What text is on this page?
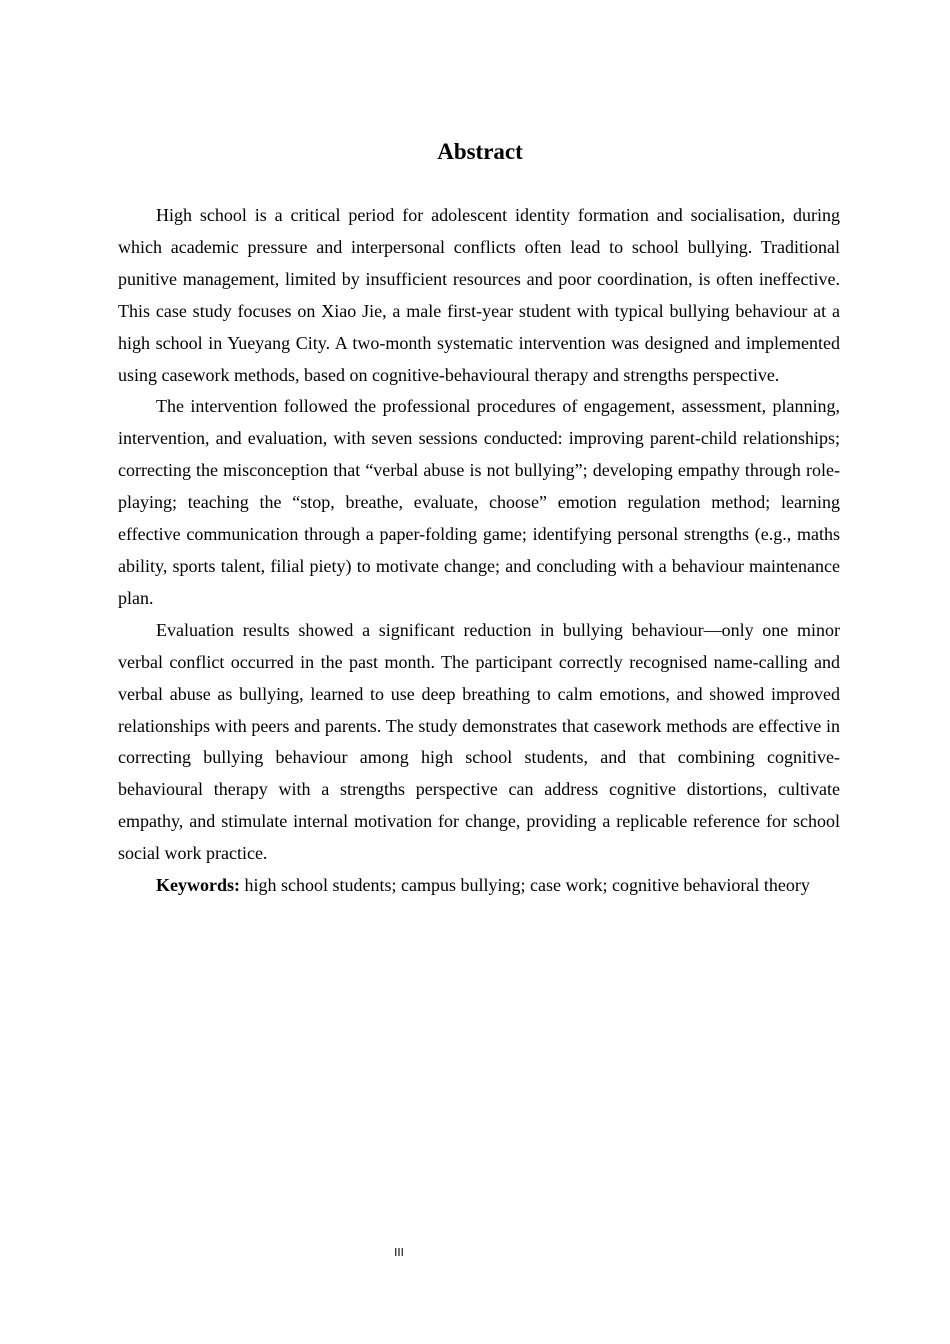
Abstract

High school is a critical period for adolescent identity formation and socialisation, during which academic pressure and interpersonal conflicts often lead to school bullying. Traditional punitive management, limited by insufficient resources and poor coordination, is often ineffective. This case study focuses on Xiao Jie, a male first-year student with typical bullying behaviour at a high school in Yueyang City. A two-month systematic intervention was designed and implemented using casework methods, based on cognitive-behavioural therapy and strengths perspective.

The intervention followed the professional procedures of engagement, assessment, planning, intervention, and evaluation, with seven sessions conducted: improving parent-child relationships; correcting the misconception that “verbal abuse is not bullying”; developing empathy through role-playing; teaching the “stop, breathe, evaluate, choose” emotion regulation method; learning effective communication through a paper-folding game; identifying personal strengths (e.g., maths ability, sports talent, filial piety) to motivate change; and concluding with a behaviour maintenance plan.

Evaluation results showed a significant reduction in bullying behaviour—only one minor verbal conflict occurred in the past month. The participant correctly recognised name-calling and verbal abuse as bullying, learned to use deep breathing to calm emotions, and showed improved relationships with peers and parents. The study demonstrates that casework methods are effective in correcting bullying behaviour among high school students, and that combining cognitive-behavioural therapy with a strengths perspective can address cognitive distortions, cultivate empathy, and stimulate internal motivation for change, providing a replicable reference for school social work practice.

Keywords: high school students; campus bullying; case work; cognitive behavioral theory

III
